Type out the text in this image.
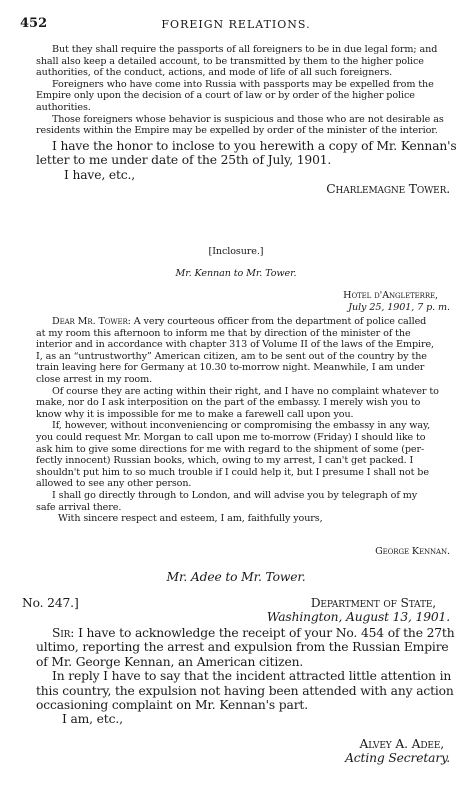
452	FOREIGN RELATIONS.
But they shall require the passports of all foreigners to be in due legal form; and
shall also keep a detailed account, to be transmitted by them to the higher police
authorities, of the conduct, actions, and mode of life of all such foreigners.
Foreigners who have come into Russia with passports may be expelled from the
Empire only upon the decision of a court of law or by order of the higher police
authorities.
Those foreigners whose behavior is suspicious and those who are not desirable as
residents within the Empire may be expelled by order of the minister of the interior.
I have the honor to inclose to you herewith a copy of Mr. Kennan's
letter to me under date of the 25th of July, 1901.
I have, etc.,
Charlemagne Tower.
[Inclosure.]
Mr. Kennan to Mr. Tower.
Hotel d'Angleterre,
July 25, 1901, 7 p. m.
Dear Mr. Tower: A very courteous officer from the department of police called
at my room this afternoon to inform me that by direction of the minister of the
interior and in accordance with chapter 313 of Volume II of the laws of the Empire,
I, as an “untrustworthy” American citizen, am to be sent out of the country by the
train leaving here for Germany at 10.30 to-morrow night. Meanwhile, I am under
close arrest in my room.
Of course they are acting within their right, and I have no complaint whatever to
make, nor do I ask interposition on the part of the embassy. I merely wish you to
know why it is impossible for me to make a farewell call upon you.
If, however, without inconveniencing or compromising the embassy in any way,
you could request Mr. Morgan to call upon me to-morrow (Friday) I should like to
ask him to give some directions for me with regard to the shipment of some (per-
fectly innocent) Russian books, which, owing to my arrest, I can't get packed. I
shouldn't put him to so much trouble if I could help it, but I presume I shall not be
allowed to see any other person.
I shall go directly through to London, and will advise you by telegraph of my
safe arrival there.
With sincere respect and esteem, I am, faithfully yours,
George Kennan.
Mr. Adee to Mr. Tower.
No. 247.]	Department of State,
Washington, August 13, 1901.
Sir: I have to acknowledge the receipt of your No. 454 of the 27th
ultimo, reporting the arrest and expulsion from the Russian Empire
of Mr. George Kennan, an American citizen.
In reply I have to say that the incident attracted little attention in
this country, the expulsion not having been attended with any action
occasioning complaint on Mr. Kennan's part.
I am, etc.,
Alvey A. Adee,
Acting Secretary.
